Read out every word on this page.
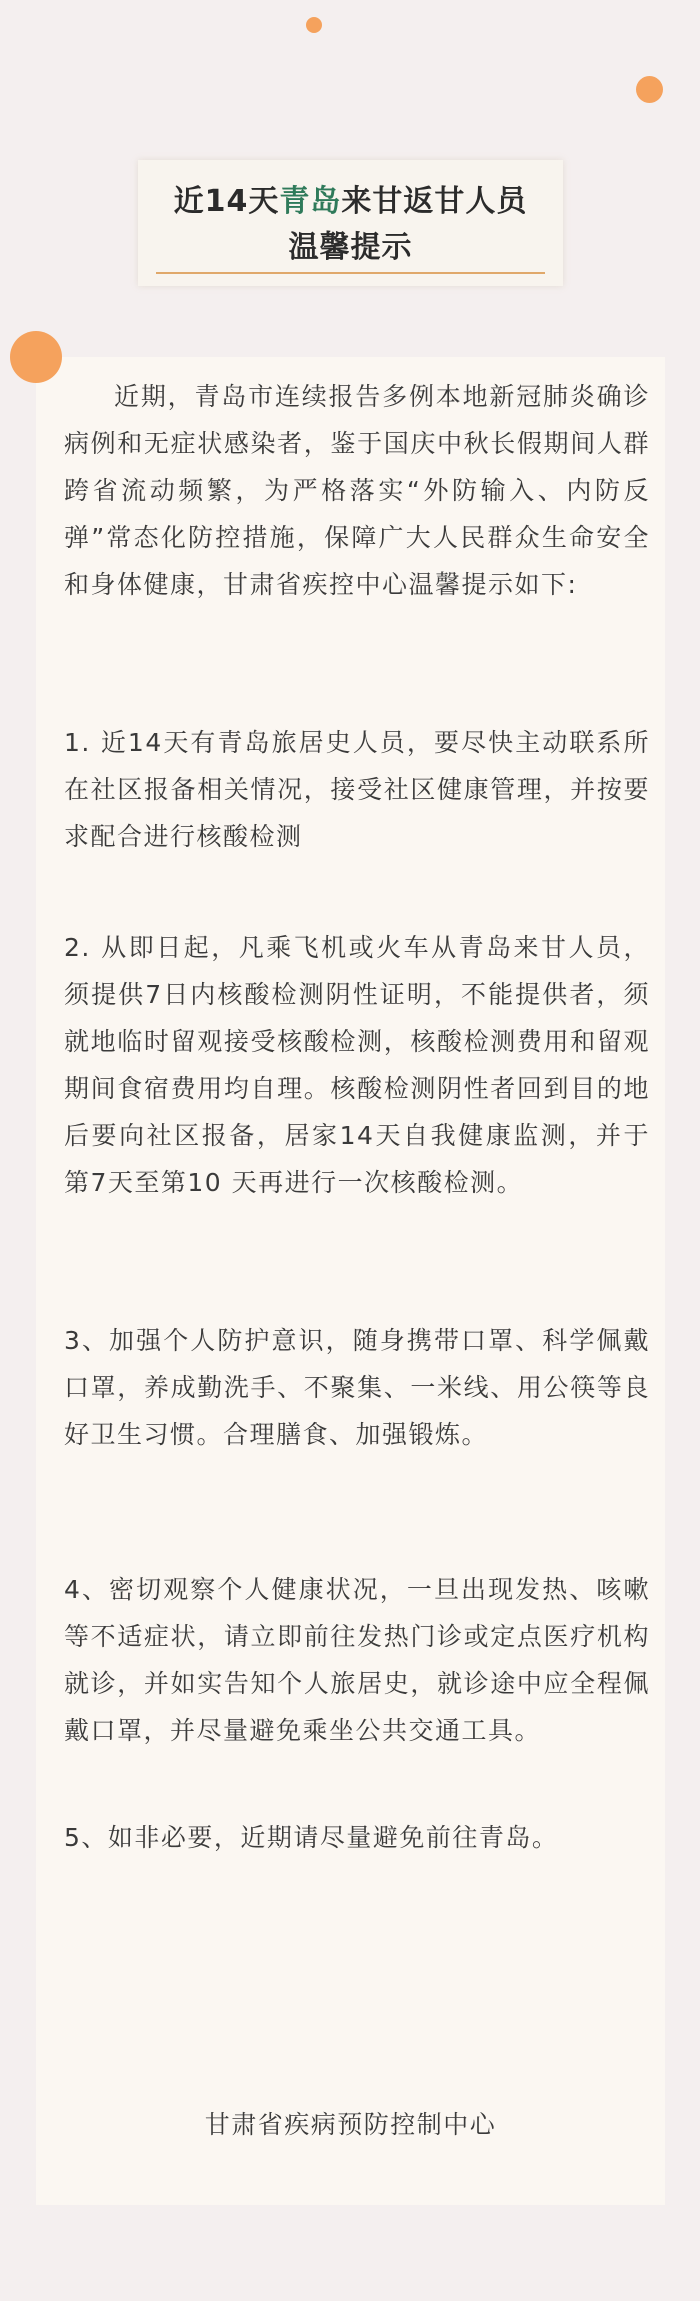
近14天青岛来甘返甘人员
温馨提示

近期，青岛市连续报告多例本地新冠肺炎确诊病例和无症状感染者，鉴于国庆中秋长假期间人群跨省流动频繁，为严格落实“外防输入、内防反弹”常态化防控措施，保障广大人民群众生命安全和身体健康，甘肃省疾控中心温馨提示如下:

1. 近14天有青岛旅居史人员，要尽快主动联系所在社区报备相关情况，接受社区健康管理，并按要求配合进行核酸检测

2. 从即日起，凡乘飞机或火车从青岛来甘人员，须提供7日内核酸检测阴性证明，不能提供者，须就地临时留观接受核酸检测，核酸检测费用和留观期间食宿费用均自理。核酸检测阴性者回到目的地后要向社区报备，居家14天自我健康监测，并于第7天至第10 天再进行一次核酸检测。

3、加强个人防护意识，随身携带口罩、科学佩戴口罩，养成勤洗手、不聚集、一米线、用公筷等良好卫生习惯。合理膳食、加强锻炼。

4、密切观察个人健康状况，一旦出现发热、咳嗽等不适症状，请立即前往发热门诊或定点医疗机构就诊，并如实告知个人旅居史，就诊途中应全程佩戴口罩，并尽量避免乘坐公共交通工具。

5、如非必要，近期请尽量避免前往青岛。

甘肃省疾病预防控制中心
